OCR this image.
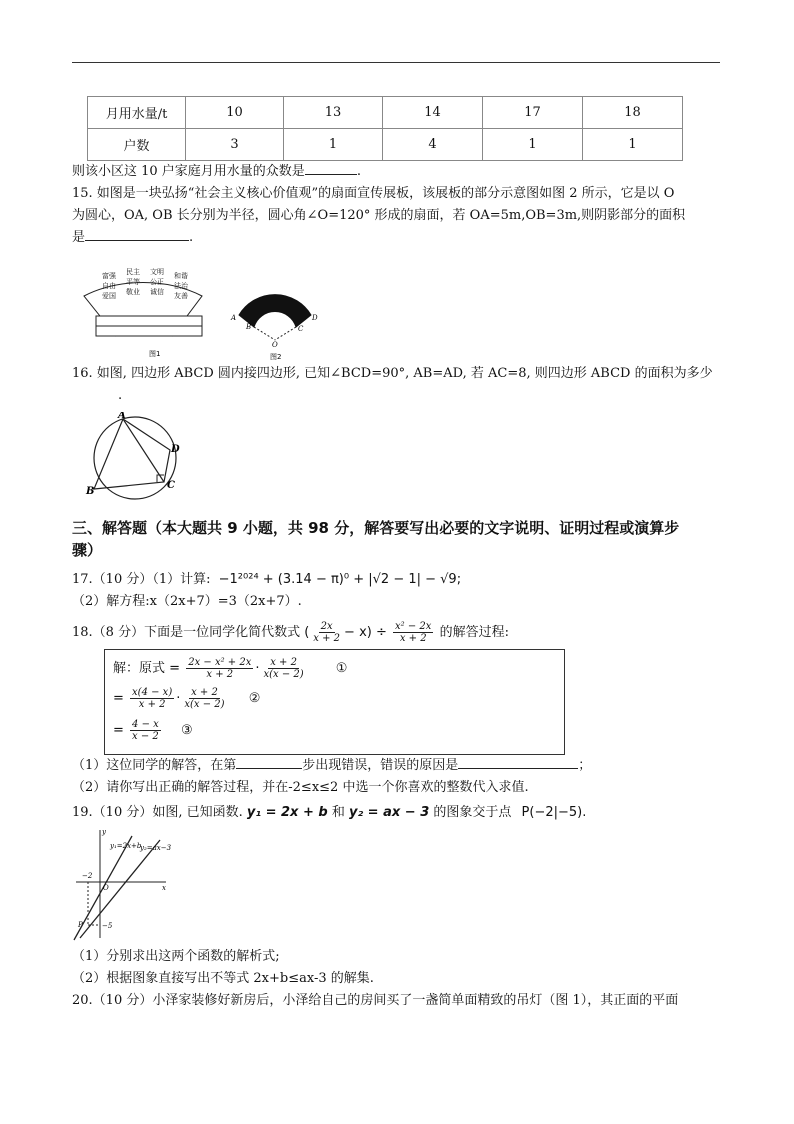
月用水量/t	10	13	14	17	18
户数	3	1	4	1	1
则该小区这 10 户家庭月用水量的众数是	.
15. 如图是一块弘扬“社会主义核心价值观”的扇面宣传展板，该展板的部分示意图如图 2 所示，它是以 O
为圆心，OA, OB 长分别为半径，圆心角∠O=120° 形成的扇面，若 OA=5m,OB=3m,则阴影部分的面积
是	.
富强
自由
爱国
民主
平等
敬业
文明
公正
诚信
和谐
法治
友善
图1
A
B	C
D
O
图2
16. 如图, 四边形 ABCD 圆内接四边形, 已知∠BCD=90°, AB=AD, 若 AC=8, 则四边形 ABCD 的面积为多少
.
A
B
C
D
三、解答题（本大题共 9 小题，共 98 分，解答要写出必要的文字说明、证明过程或演算步
骤）
17.（10 分）（1）计算: −1²⁰²⁴ + (3.14 − π)⁰ + |√2 − 1| − √9;
（2）解方程:x（2x+7）=3（2x+7）.
18.（8 分）下面是一位同学化简代数式 ( $\frac{2x}{x + 2} - x) \div \frac{\text{x² − 2x}}{x + 2}$ 的解答过程:
解：原式 = $\frac{\text{2x − x² + 2x}}{x + 2} \cdot \frac{x + 2}{x(x - 2)}$ ①
= $\frac{x(4 - x)}{x + 2} \cdot \frac{x + 2}{x(x - 2)}$ ②
= $\frac{4 - x}{x - 2}$ ③
（1）这位同学的解答，在第	步出现错误，错误的原因是	；
（2）请你写出正确的解答过程，并在-2≤x≤2 中选一个你喜欢的整数代入求值.
19.（10 分）如图, 已知函数. y₁ = 2x + b 和 y₂ = ax − 3 的图象交于点 P(−2|−5).
y
x
O
−2
−5
P
y₁=2x+b
y₂=ax−3
（1）分别求出这两个函数的解析式;
（2）根据图象直接写出不等式 2x+b≤ax-3 的解集.
20.（10 分）小泽家装修好新房后，小泽给自己的房间买了一盏简单面精致的吊灯（图 1），其正面的平面
